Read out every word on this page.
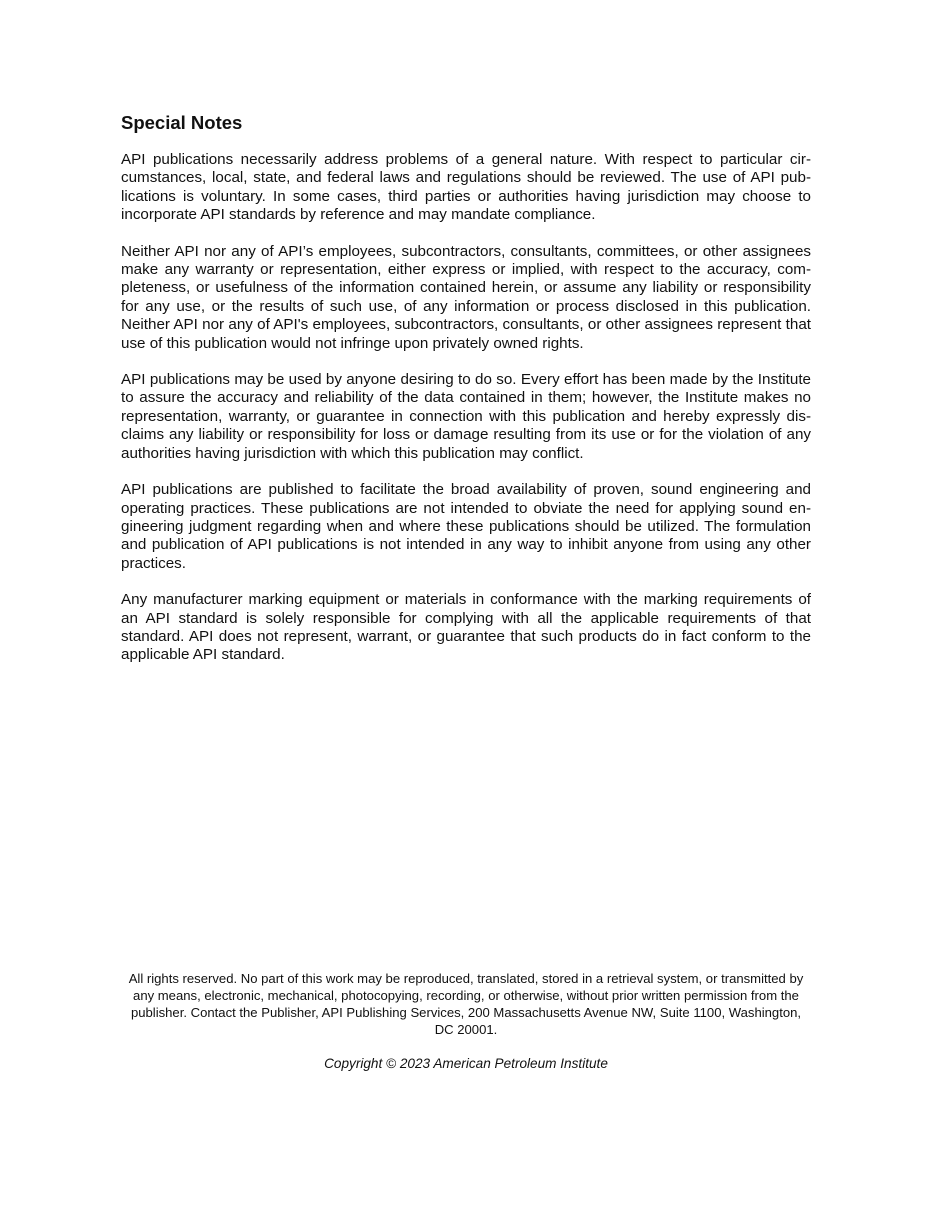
Special Notes

API publications necessarily address problems of a general nature. With respect to particular circumstances, local, state, and federal laws and regulations should be reviewed. The use of API publications is voluntary. In some cases, third parties or authorities having jurisdiction may choose to incorporate API standards by reference and may mandate compliance.

Neither API nor any of API’s employees, subcontractors, consultants, committees, or other assignees make any warranty or representation, either express or implied, with respect to the accuracy, completeness, or usefulness of the information contained herein, or assume any liability or responsibility for any use, or the results of such use, of any information or process disclosed in this publication. Neither API nor any of API's employees, subcontractors, consultants, or other assignees represent that use of this publication would not infringe upon privately owned rights.

API publications may be used by anyone desiring to do so. Every effort has been made by the Institute to assure the accuracy and reliability of the data contained in them; however, the Institute makes no representation, warranty, or guarantee in connection with this publication and hereby expressly disclaims any liability or responsibility for loss or damage resulting from its use or for the violation of any authorities having jurisdiction with which this publication may conflict.

API publications are published to facilitate the broad availability of proven, sound engineering and operating practices. These publications are not intended to obviate the need for applying sound engineering judgment regarding when and where these publications should be utilized. The formulation and publication of API publications is not intended in any way to inhibit anyone from using any other practices.

Any manufacturer marking equipment or materials in conformance with the marking requirements of an API standard is solely responsible for complying with all the applicable requirements of that standard. API does not represent, warrant, or guarantee that such products do in fact conform to the applicable API standard.

All rights reserved. No part of this work may be reproduced, translated, stored in a retrieval system, or transmitted by any means, electronic, mechanical, photocopying, recording, or otherwise, without prior written permission from the publisher. Contact the Publisher, API Publishing Services, 200 Massachusetts Avenue NW, Suite 1100, Washington, DC 20001.

Copyright © 2023 American Petroleum Institute
